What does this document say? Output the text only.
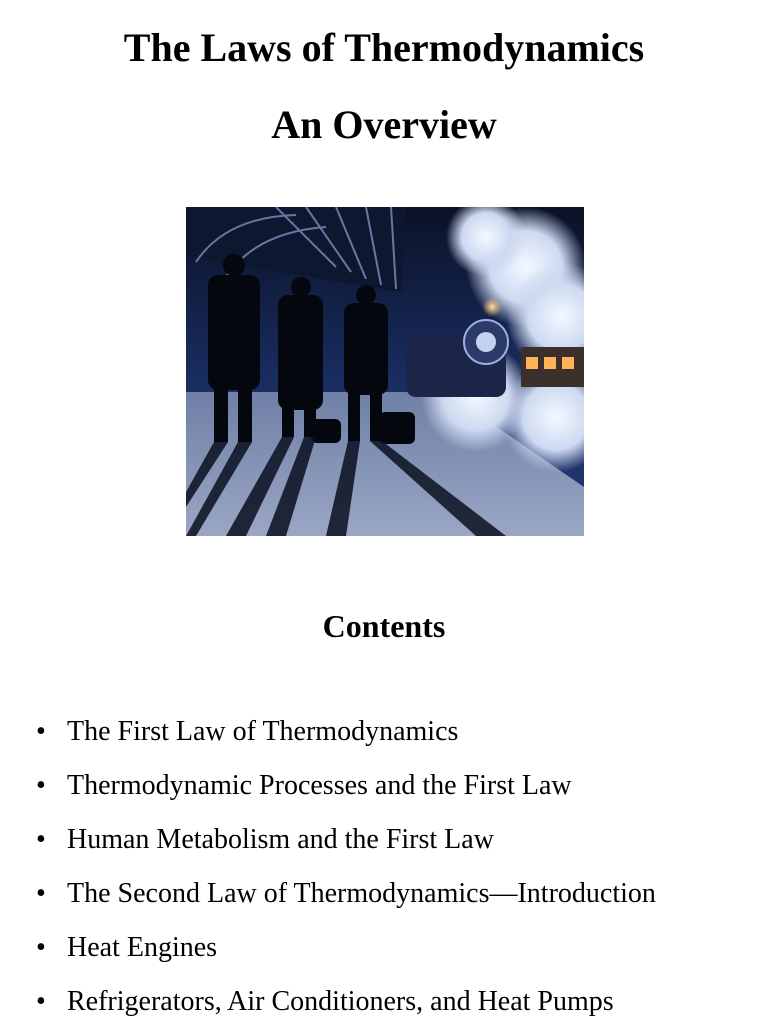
The Laws of Thermodynamics
An Overview
Contents
• The First Law of Thermodynamics
• Thermodynamic Processes and the First Law
• Human Metabolism and the First Law
• The Second Law of Thermodynamics—Introduction
• Heat Engines
• Refrigerators, Air Conditioners, and Heat Pumps
